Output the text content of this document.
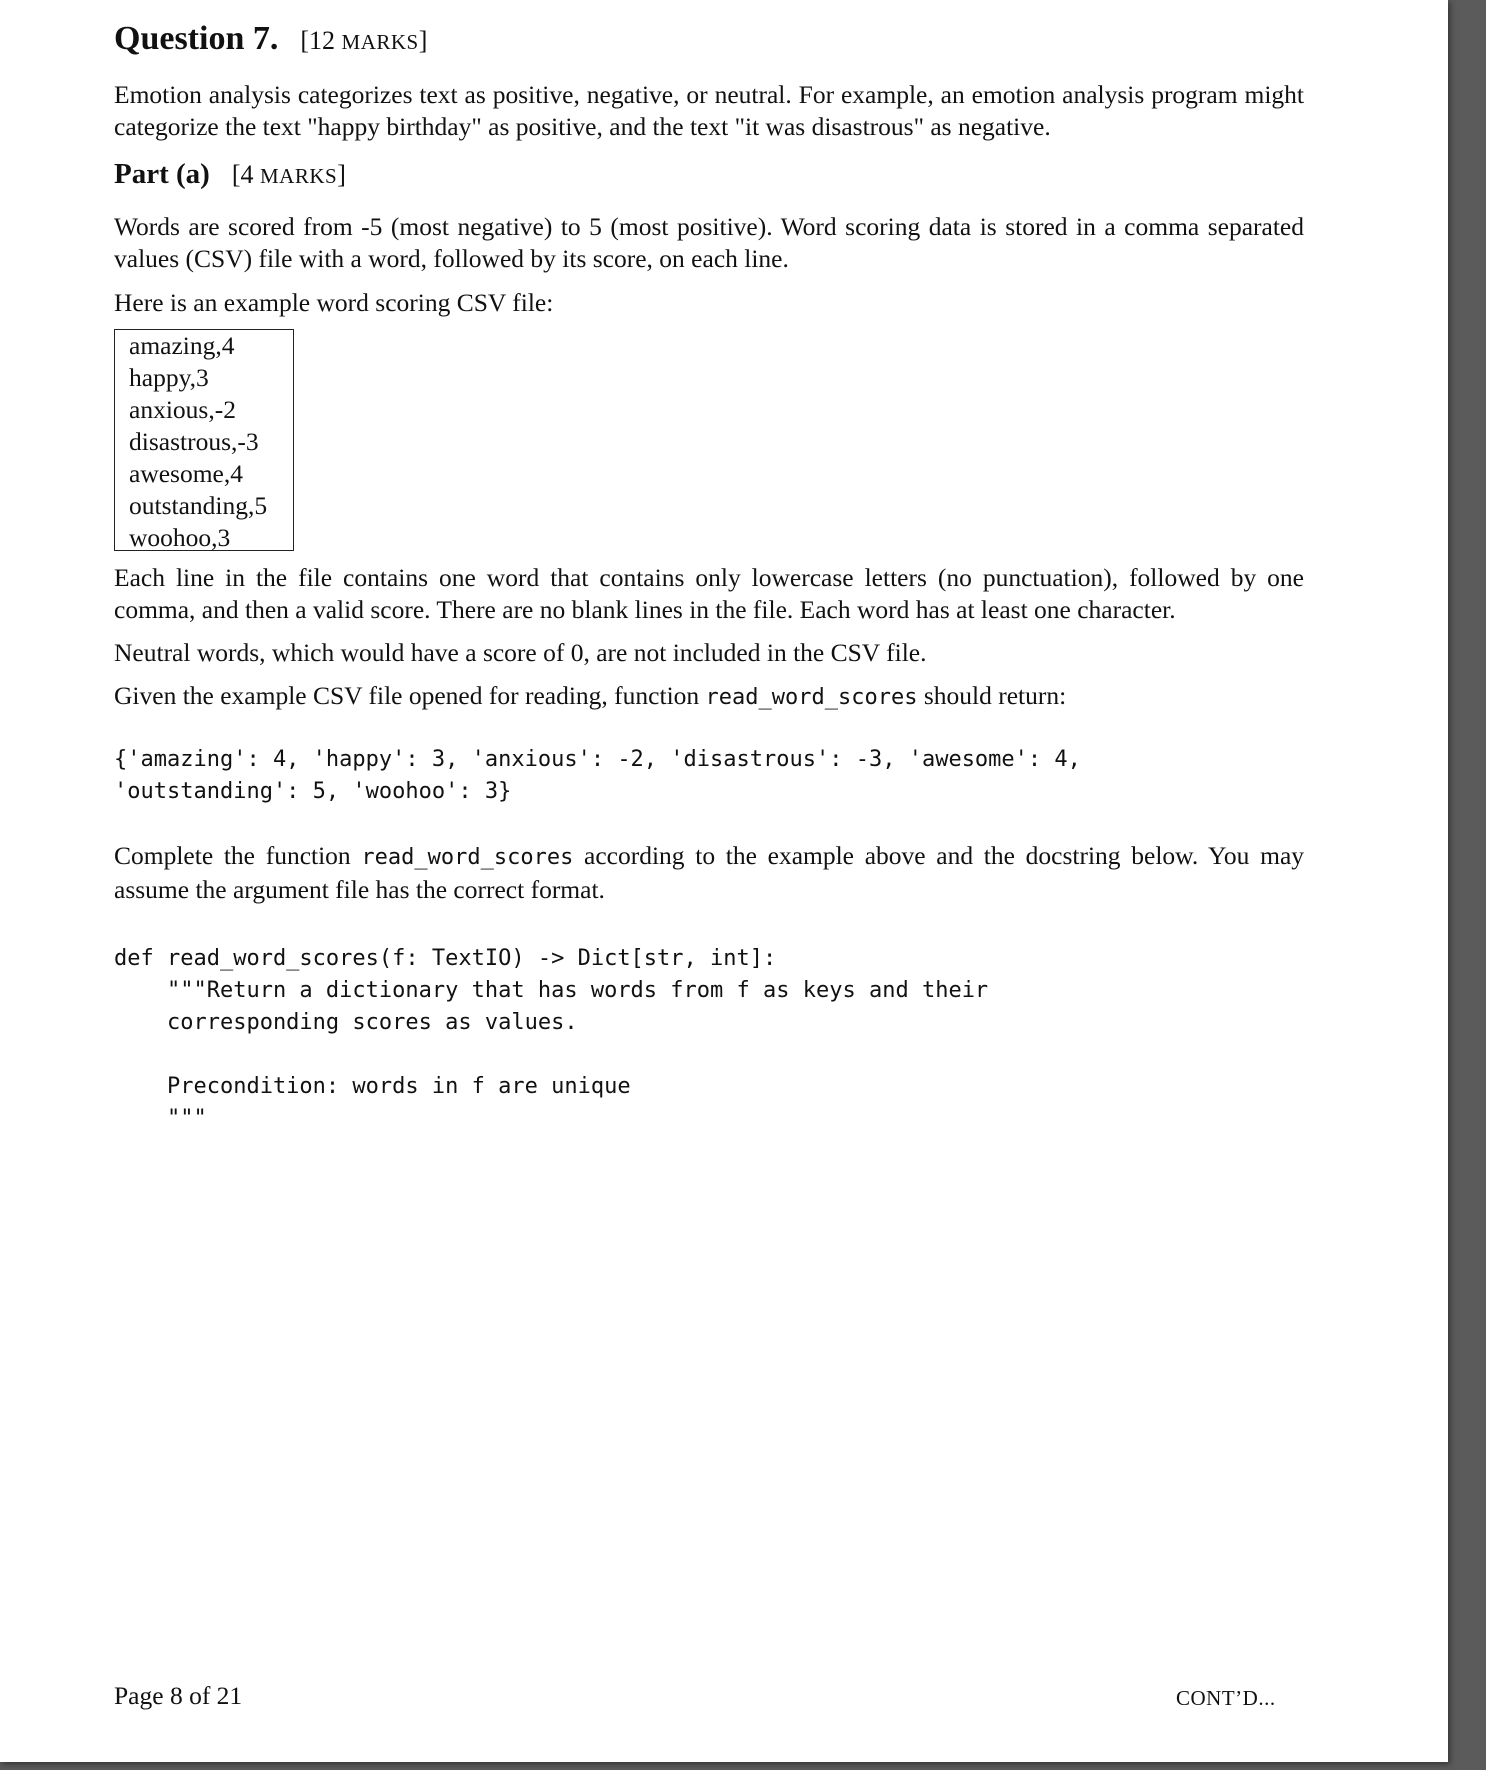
Question 7. [12 MARKS]
Emotion analysis categorizes text as positive, negative, or neutral. For example, an emotion analysis program might categorize the text "happy birthday" as positive, and the text "it was disastrous" as negative.
Part (a) [4 MARKS]
Words are scored from -5 (most negative) to 5 (most positive). Word scoring data is stored in a comma separated values (CSV) file with a word, followed by its score, on each line.
Here is an example word scoring CSV file:
amazing,4
happy,3
anxious,-2
disastrous,-3
awesome,4
outstanding,5
woohoo,3
Each line in the file contains one word that contains only lowercase letters (no punctuation), followed by one comma, and then a valid score. There are no blank lines in the file. Each word has at least one character.
Neutral words, which would have a score of 0, are not included in the CSV file.
Given the example CSV file opened for reading, function read_word_scores should return:
{'amazing': 4, 'happy': 3, 'anxious': -2, 'disastrous': -3, 'awesome': 4,
'outstanding': 5, 'woohoo': 3}
Complete the function read_word_scores according to the example above and the docstring below. You may assume the argument file has the correct format.
def read_word_scores(f: TextIO) -> Dict[str, int]:
"""Return a dictionary that has words from f as keys and their
corresponding scores as values.
Precondition: words in f are unique
"""
Page 8 of 21	CONT’D...
